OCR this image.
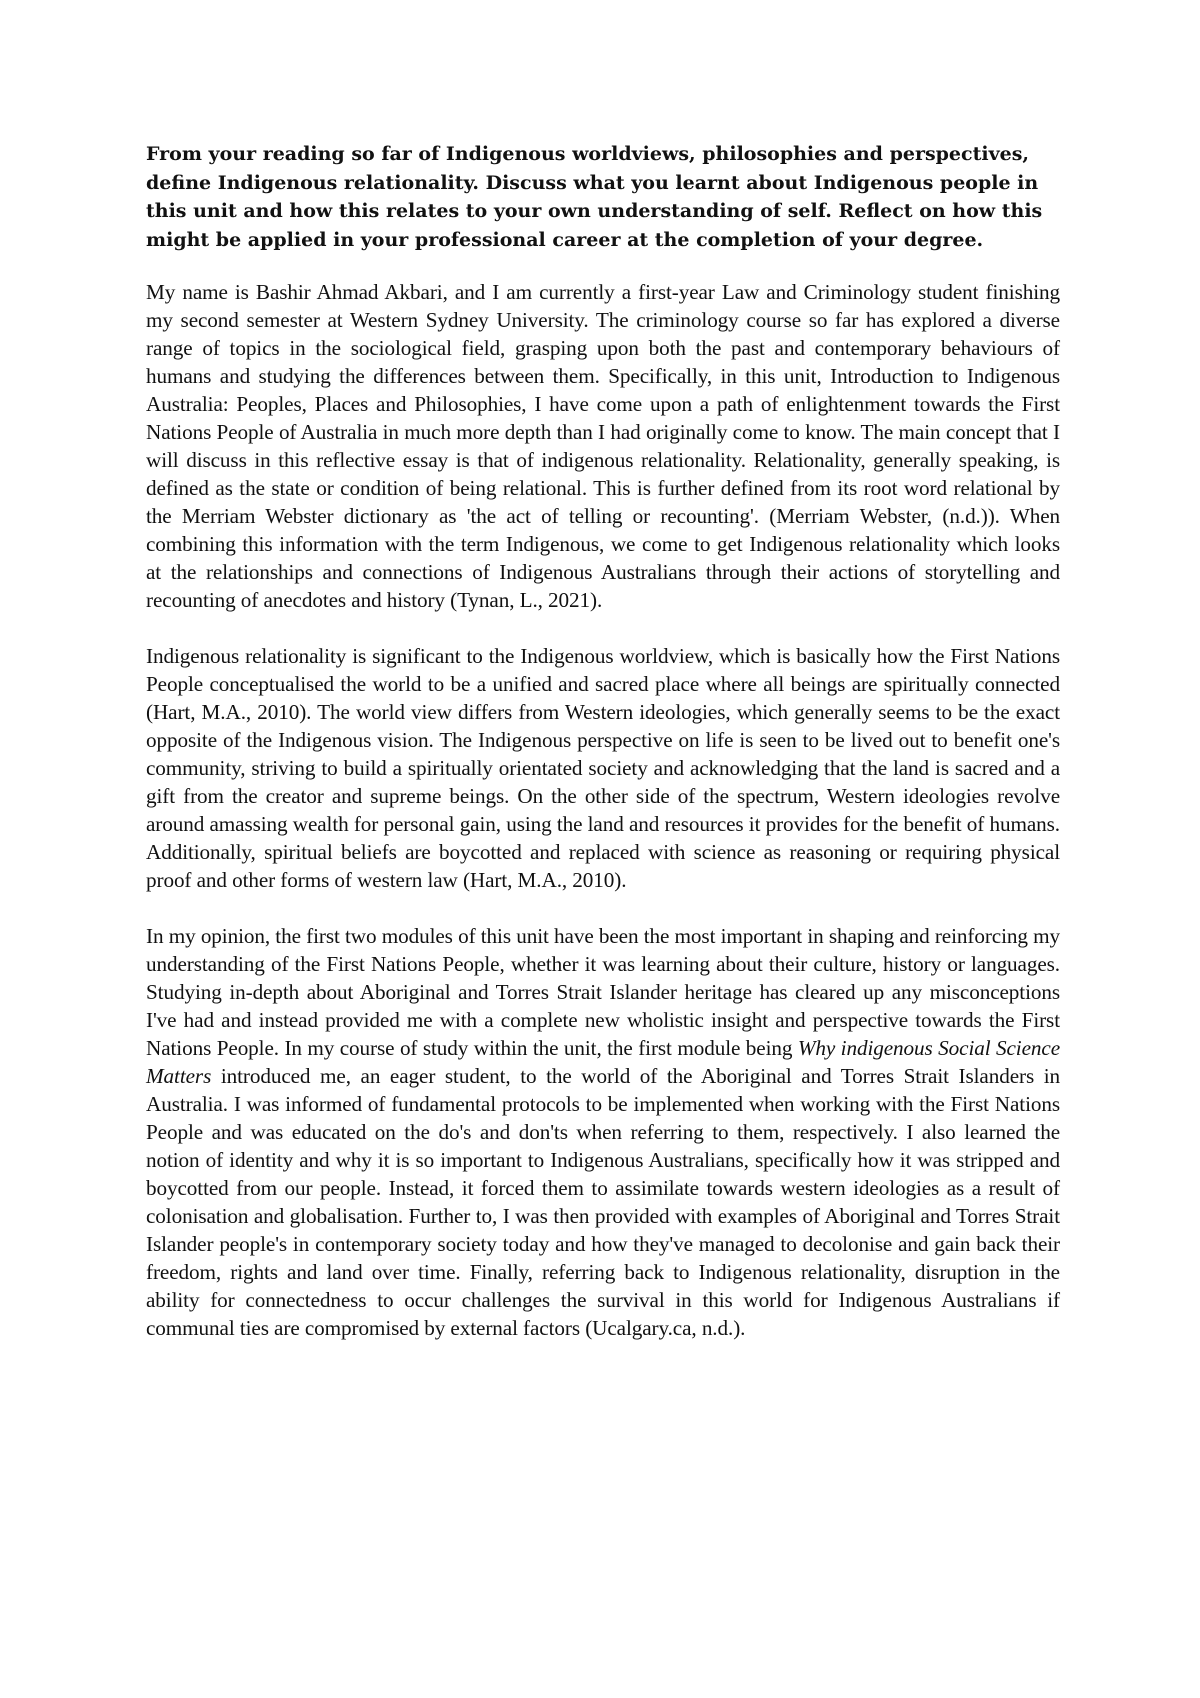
From your reading so far of Indigenous worldviews, philosophies and perspectives, define Indigenous relationality. Discuss what you learnt about Indigenous people in this unit and how this relates to your own understanding of self. Reflect on how this might be applied in your professional career at the completion of your degree.

My name is Bashir Ahmad Akbari, and I am currently a first-year Law and Criminology student finishing my second semester at Western Sydney University. The criminology course so far has explored a diverse range of topics in the sociological field, grasping upon both the past and contemporary behaviours of humans and studying the differences between them. Specifically, in this unit, Introduction to Indigenous Australia: Peoples, Places and Philosophies, I have come upon a path of enlightenment towards the First Nations People of Australia in much more depth than I had originally come to know. The main concept that I will discuss in this reflective essay is that of indigenous relationality. Relationality, generally speaking, is defined as the state or condition of being relational. This is further defined from its root word relational by the Merriam Webster dictionary as 'the act of telling or recounting'. (Merriam Webster, (n.d.)). When combining this information with the term Indigenous, we come to get Indigenous relationality which looks at the relationships and connections of Indigenous Australians through their actions of storytelling and recounting of anecdotes and history (Tynan, L., 2021).

Indigenous relationality is significant to the Indigenous worldview, which is basically how the First Nations People conceptualised the world to be a unified and sacred place where all beings are spiritually connected (Hart, M.A., 2010). The world view differs from Western ideologies, which generally seems to be the exact opposite of the Indigenous vision. The Indigenous perspective on life is seen to be lived out to benefit one's community, striving to build a spiritually orientated society and acknowledging that the land is sacred and a gift from the creator and supreme beings. On the other side of the spectrum, Western ideologies revolve around amassing wealth for personal gain, using the land and resources it provides for the benefit of humans. Additionally, spiritual beliefs are boycotted and replaced with science as reasoning or requiring physical proof and other forms of western law (Hart, M.A., 2010).

In my opinion, the first two modules of this unit have been the most important in shaping and reinforcing my understanding of the First Nations People, whether it was learning about their culture, history or languages. Studying in-depth about Aboriginal and Torres Strait Islander heritage has cleared up any misconceptions I've had and instead provided me with a complete new wholistic insight and perspective towards the First Nations People. In my course of study within the unit, the first module being Why indigenous Social Science Matters introduced me, an eager student, to the world of the Aboriginal and Torres Strait Islanders in Australia. I was informed of fundamental protocols to be implemented when working with the First Nations People and was educated on the do's and don'ts when referring to them, respectively. I also learned the notion of identity and why it is so important to Indigenous Australians, specifically how it was stripped and boycotted from our people. Instead, it forced them to assimilate towards western ideologies as a result of colonisation and globalisation. Further to, I was then provided with examples of Aboriginal and Torres Strait Islander people's in contemporary society today and how they've managed to decolonise and gain back their freedom, rights and land over time. Finally, referring back to Indigenous relationality, disruption in the ability for connectedness to occur challenges the survival in this world for Indigenous Australians if communal ties are compromised by external factors (Ucalgary.ca, n.d.).
